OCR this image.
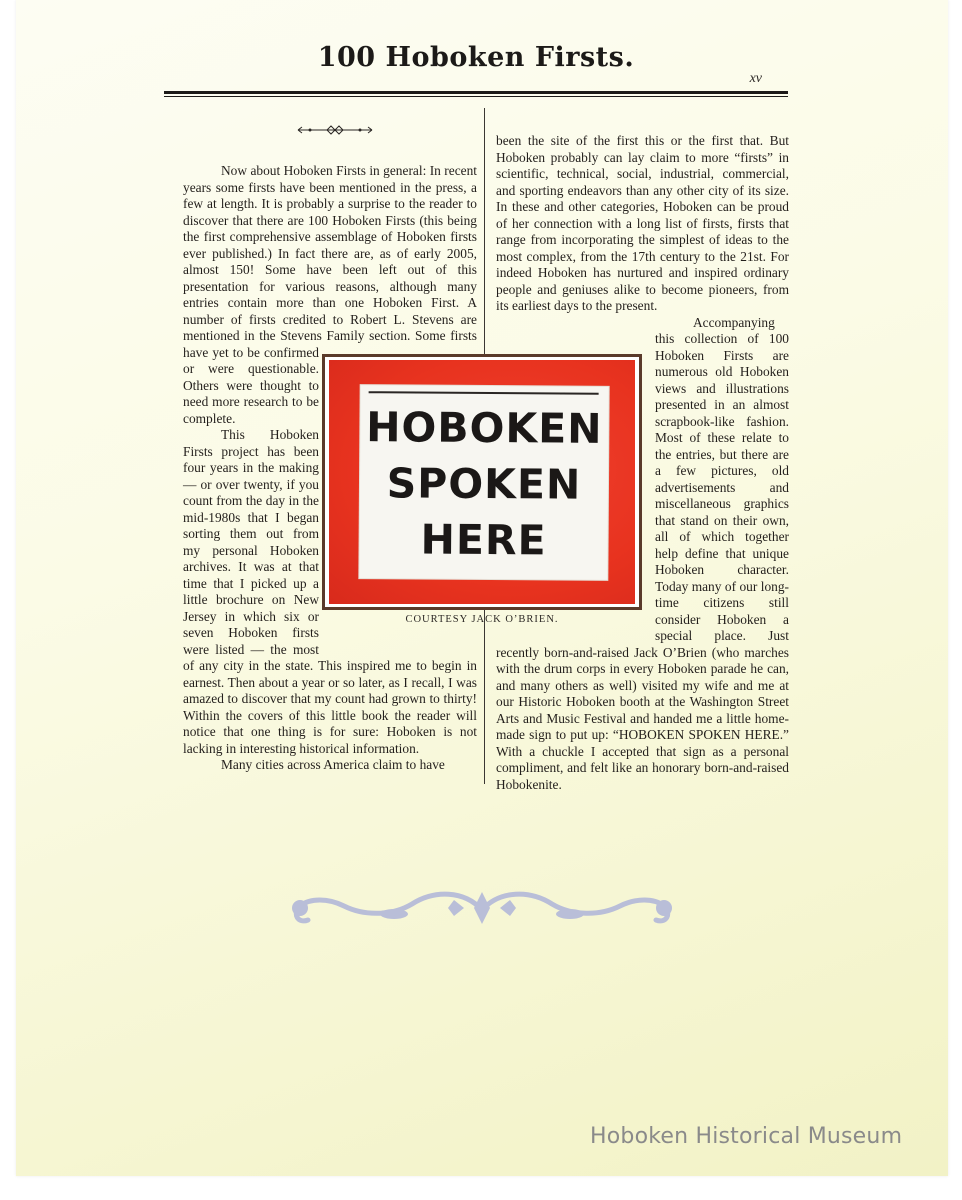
100 Hoboken Firsts.
xv

Now about Hoboken Firsts in general: In recent years some firsts have been mentioned in the press, a few at length. It is probably a surprise to the reader to discover that there are 100 Hoboken Firsts (this being the first comprehensive assemblage of Hoboken firsts ever published.) In fact there are, as of early 2005, almost 150! Some have been left out of this presentation for various reasons, although many entries contain more than one Hoboken First. A number of firsts credited to Robert L. Stevens are mentioned in the Stevens Family section. Some firsts have yet to be confirmed or were questionable. Others were thought to need more research to be complete.

This Hoboken Firsts project has been four years in the making — or over twenty, if you count from the day in the mid-1980s that I began sorting them out from my personal Hoboken archives. It was at that time that I picked up a little brochure on New Jersey in which six or seven Hoboken firsts were listed — the most of any city in the state. This inspired me to begin in earnest. Then about a year or so later, as I recall, I was amazed to discover that my count had grown to thirty! Within the covers of this little book the reader will notice that one thing is for sure: Hoboken is not lacking in interesting historical information.

Many cities across America claim to have

been the site of the first this or the first that. But Hoboken probably can lay claim to more “firsts” in scientific, technical, social, industrial, commercial, and sporting endeavors than any other city of its size. In these and other categories, Hoboken can be proud of her connection with a long list of firsts, firsts that range from incorporating the simplest of ideas to the most complex, from the 17th century to the 21st. For indeed Hoboken has nurtured and inspired ordinary people and geniuses alike to become pioneers, from its earliest days to the present.

Accompanying this collection of 100 Hoboken Firsts are numerous old Hoboken views and illustrations presented in an almost scrapbook-like fashion. Most of these relate to the entries, but there are a few pictures, old advertisements and miscellaneous graphics that stand on their own, all of which together help define that unique Hoboken character. Today many of our long-time citizens still consider Hoboken a special place. Just recently born-and-raised Jack O’Brien (who marches with the drum corps in every Hoboken parade he can, and many others as well) visited my wife and me at our Historic Hoboken booth at the Washington Street Arts and Music Festival and handed me a little home-made sign to put up: “HOBOKEN SPOKEN HERE.” With a chuckle I accepted that sign as a personal compliment, and felt like an honorary born-and-raised Hobokenite.

HOBOKEN
SPOKEN
HERE
COURTESY JACK O’BRIEN.
Hoboken Historical Museum
